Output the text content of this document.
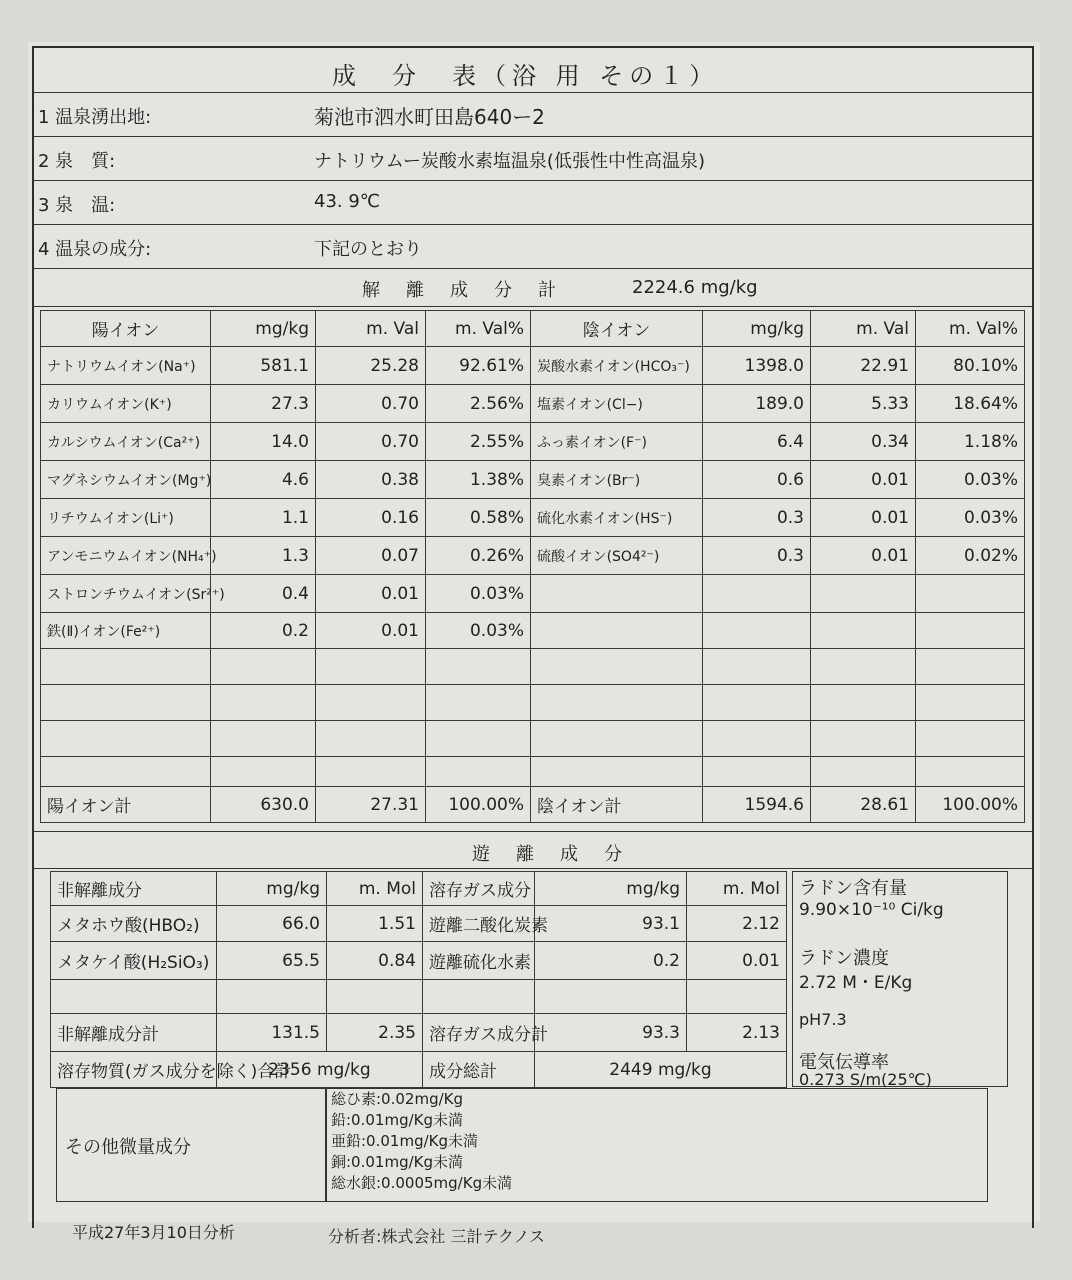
成　分　表（浴 用 その１）
1 温泉湧出地:	菊池市泗水町田島640ー2
2 泉　質:	ナトリウムー炭酸水素塩温泉(低張性中性高温泉)
3 泉　温:	43. 9℃
4 温泉の成分:	下記のとおり
解　離　成　分　計	2224.6 mg/kg
陽イオン	mg/kg	m. Val	m. Val%	陰イオン	mg/kg	m. Val	m. Val%
ナトリウムイオン(Na⁺)	581.1	25.28	92.61%	炭酸水素イオン(HCO₃⁻)	1398.0	22.91	80.10%
カリウムイオン(K⁺)	27.3	0.70	2.56%	塩素イオン(Cl−)	189.0	5.33	18.64%
カルシウムイオン(Ca²⁺)	14.0	0.70	2.55%	ふっ素イオン(F⁻)	6.4	0.34	1.18%
マグネシウムイオン(Mg⁺)	4.6	0.38	1.38%	臭素イオン(Br⁻)	0.6	0.01	0.03%
リチウムイオン(Li⁺)	1.1	0.16	0.58%	硫化水素イオン(HS⁻)	0.3	0.01	0.03%
アンモニウムイオン(NH₄⁺)	1.3	0.07	0.26%	硫酸イオン(SO4²⁻)	0.3	0.01	0.02%
ストロンチウムイオン(Sr²⁺)	0.4	0.01	0.03%				
鉄(Ⅱ)イオン(Fe²⁺)	0.2	0.01	0.03%				

陽イオン計	630.0	27.31	100.00%	陰イオン計	1594.6	28.61	100.00%
遊　離　成　分
非解離成分	mg/kg	m. Mol	溶存ガス成分	mg/kg	m. Mol
メタホウ酸(HBO₂)	66.0	1.51	遊離二酸化炭素	93.1	2.12
メタケイ酸(H₂SiO₃)	65.5	0.84	遊離硫化水素	0.2	0.01

非解離成分計	131.5	2.35	溶存ガス成分計	93.3	2.13
溶存物質(ガス成分を除く)合計	2356 mg/kg		成分総計	2449 mg/kg	
ラドン含有量
9.90×10⁻¹⁰ Ci/kg
ラドン濃度
2.72 M・E/Kg
pH7.3
電気伝導率
0.273 S/m(25℃)
その他微量成分
総ひ素:0.02mg/Kg
鉛:0.01mg/Kg未満
亜鉛:0.01mg/Kg未満
銅:0.01mg/Kg未満
総水銀:0.0005mg/Kg未満
平成27年3月10日分析	分析者:株式会社 三計テクノス
